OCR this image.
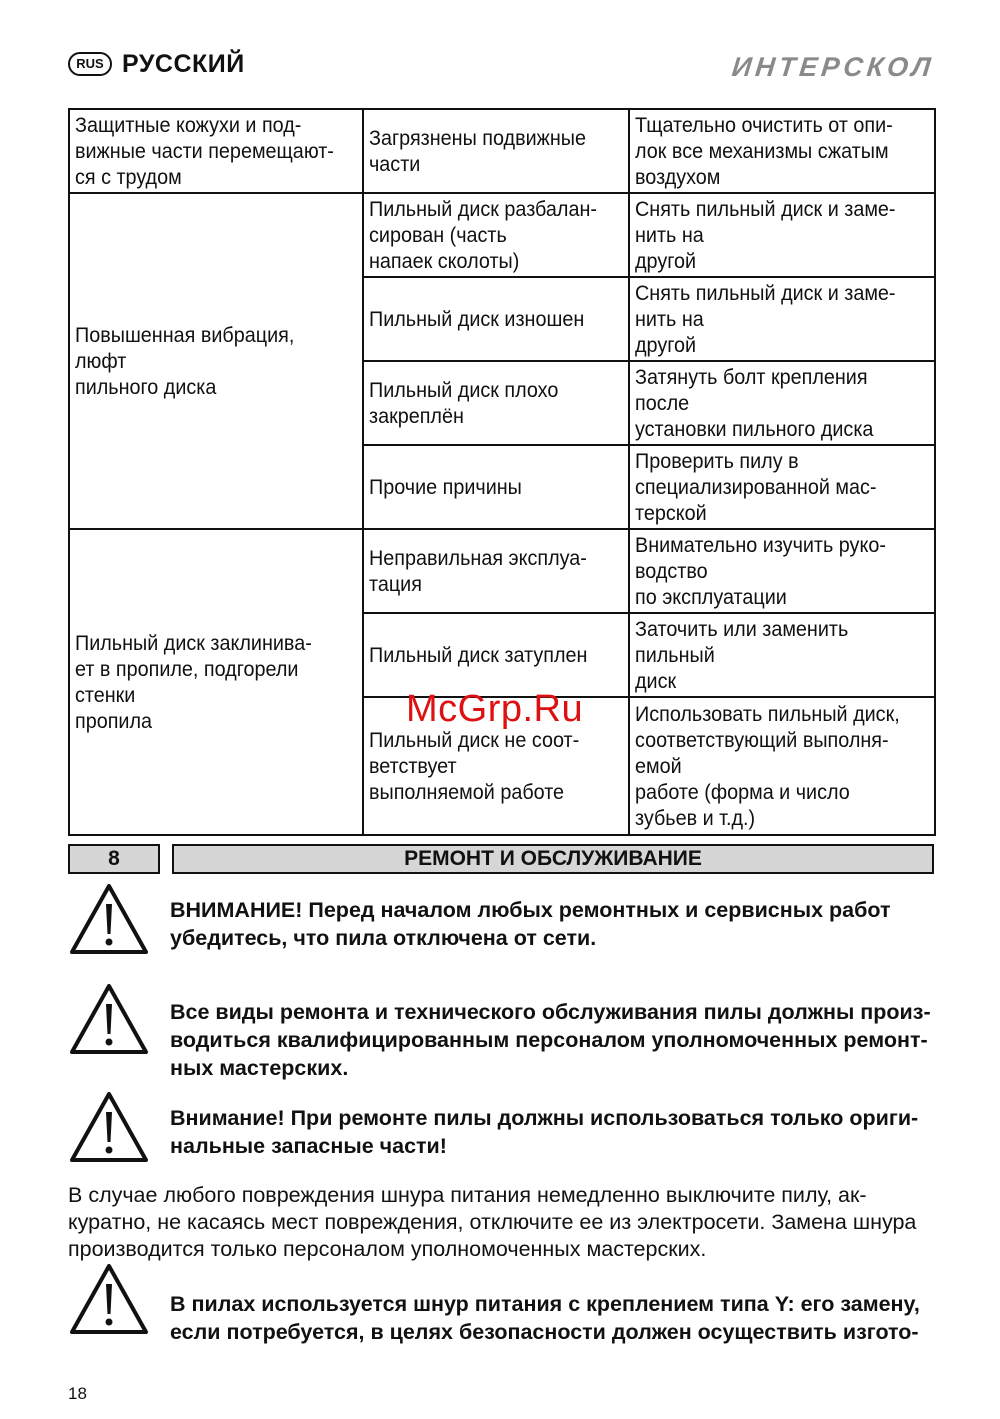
RUS РУССКИЙ	ИНТЕРСКОЛ
Защитные кожухи и под-
вижные части перемещают-
ся с трудом	Загрязнены подвижные
части	Тщательно очистить от опи-
лок все механизмы сжатым
воздухом
Повышенная вибрация,
люфт
пильного диска	Пильный диск разбалан-
сирован (часть
напаек сколоты)	Снять пильный диск и заме-
нить на
другой
	Пильный диск изношен	Снять пильный диск и заме-
нить на
другой
	Пильный диск плохо
закреплён	Затянуть болт крепления
после
установки пильного диска
	Прочие причины	Проверить пилу в
специализированной мас-
терской
Пильный диск заклинива-
ет в пропиле, подгорели
стенки
пропила	Неправильная эксплуа-
тация	Внимательно изучить руко-
водство
по эксплуатации
	Пильный диск затуплен	Заточить или заменить
пильный
диск
	Пильный диск не соот-
ветствует
выполняемой работе	Использовать пильный диск,
соответствующий выполня-
емой
работе (форма и число
зубьев и т.д.)
McGrp.Ru
8	РЕМОНТ И ОБСЛУЖИВАНИЕ
ВНИМАНИЕ! Перед началом любых ремонтных и сервисных работ
убедитесь, что пила отключена от сети.
Все виды ремонта и технического обслуживания пилы должны произ-
водиться квалифицированным персоналом уполномоченных ремонт-
ных мастерских.
Внимание! При ремонте пилы должны использоваться только ориги-
нальные запасные части!
В случае любого повреждения шнура питания немедленно выключите пилу, ак-
куратно, не касаясь мест повреждения, отключите ее из электросети. Замена шнура
производится только персоналом уполномоченных мастерских.
В пилах используется шнур питания с креплением типа Y: его замену,
если потребуется, в целях безопасности должен осуществить изгото-
18
